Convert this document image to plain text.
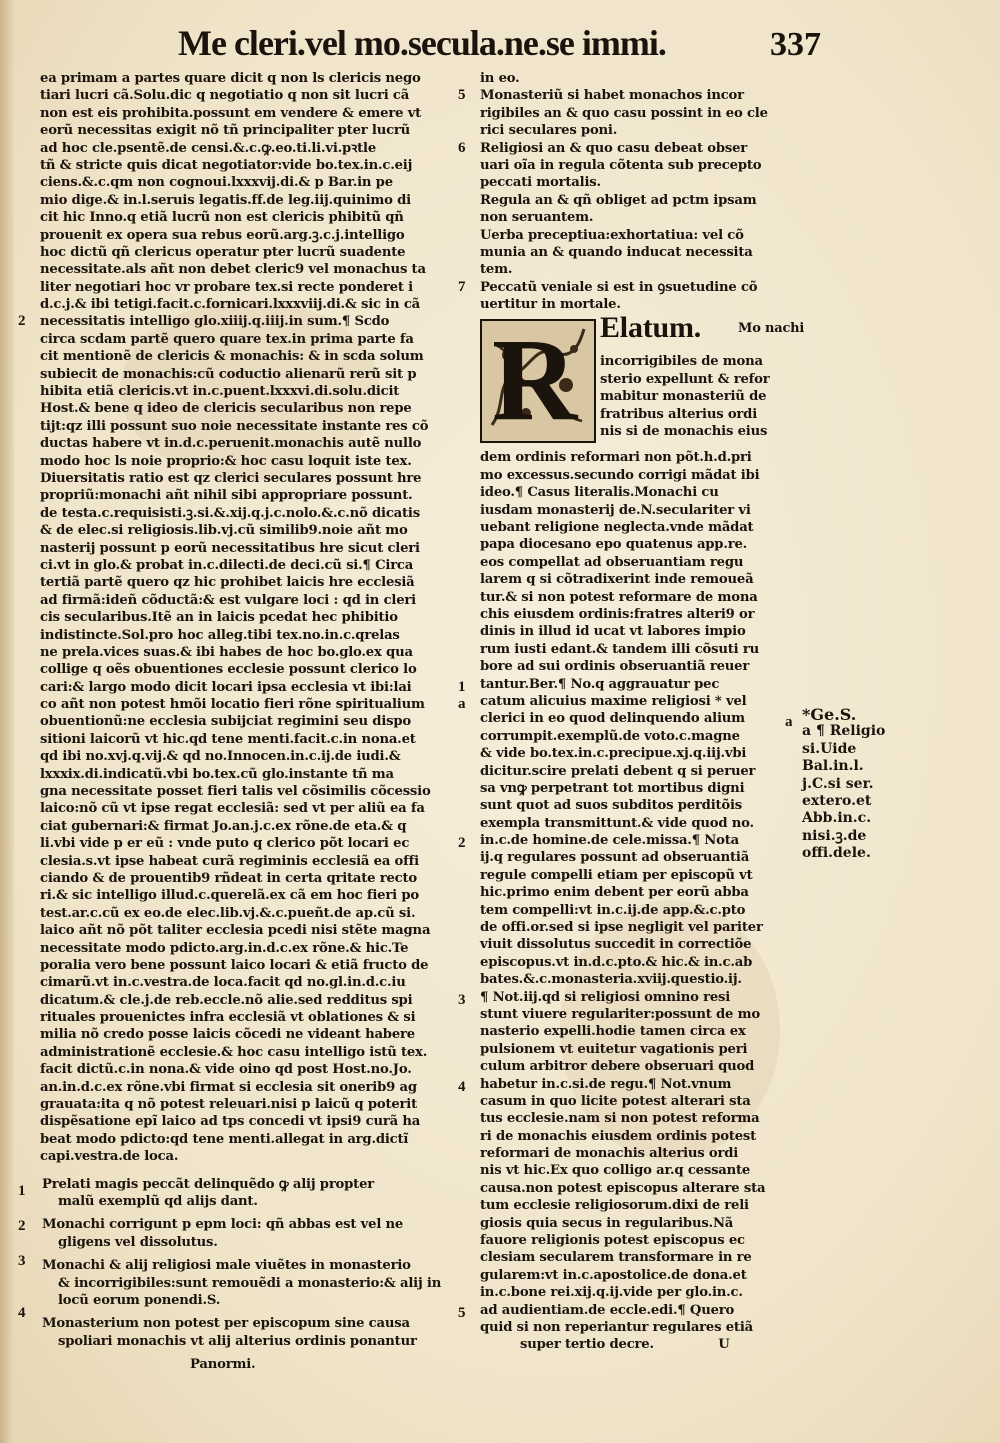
Me cleri.vel mo.secula.ne.se immi.	337
ea primam a partes quare dicit q non ls clericis nego
tiari lucri cã.Solu.dic q negotiatio q non sit lucri cã
non est eis prohibita.possunt em vendere & emere vt
eorũ necessitas exigit nõ tñ principaliter pter lucrũ
ad hoc cle.psentẽ.de censi.&.c.ꝙ.eo.ti.li.vi.pꝛtle
tñ & stricte quis dicat negotiator:vide bo.tex.in.c.eij
ciens.&.c.qm non cognoui.lxxxvij.di.& p Bar.in pe
mio dige.& in.l.seruis legatis.ff.de leg.iij.quinimo di
cit hic Inno.q etiã lucrũ non est clericis phibitũ qñ
prouenit ex opera sua rebus eorũ.arg.ꝫ.c.j.intelligo
hoc dictũ qñ clericus operatur pter lucrũ suadente
necessitate.als añt non debet cleric9 vel monachus ta
liter negotiari hoc vr probare tex.si recte ponderet i
d.c.j.& ibi tetigi.facit.c.fornicari.lxxxviij.di.& sic in cã
necessitatis intelligo glo.xiiij.q.iiij.in sum.¶ Scdo
circa scdam partẽ quero quare tex.in prima parte fa
cit mentionẽ de clericis & monachis: & in scda solum
subiecit de monachis:cũ coductio alienarũ rerũ sit p
hibita etiã clericis.vt in.c.puent.lxxxvi.di.solu.dicit
Host.& bene q ideo de clericis secularibus non repe
tijt:qz illi possunt suo noie necessitate instante res cõ
ductas habere vt in.d.c.peruenit.monachis autẽ nullo
modo hoc ls noie proprio:& hoc casu loquit iste tex.
Diuersitatis ratio est qz clerici seculares possunt hre
propriũ:monachi añt nihil sibi appropriare possunt.
de testa.c.requisisti.ꝫ.si.&.xij.q.j.c.nolo.&.c.nõ dicatis
& de elec.si religiosis.lib.vj.cũ similib9.noie añt mo
nasterij possunt p eorũ necessitatibus hre sicut cleri
ci.vt in glo.& probat in.c.dilecti.de deci.cũ si.¶ Circa
tertiã partẽ quero qz hic prohibet laicis hre ecclesiã
ad firmã:ideñ cõductã:& est vulgare loci : qd in cleri
cis secularibus.Itẽ an in laicis pcedat hec phibitio
indistincte.Sol.pro hoc alleg.tibi tex.no.in.c.qrelas
ne prela.vices suas.& ibi habes de hoc bo.glo.ex qua
collige q oẽs obuentiones ecclesie possunt clerico lo
cari:& largo modo dicit locari ipsa ecclesia vt ibi:lai
co añt non potest hmõi locatio fieri rõne spiritualium
obuentionũ:ne ecclesia subijciat regimini seu dispo
sitioni laicorũ vt hic.qd tene menti.facit.c.in nona.et
qd ibi no.xvj.q.vij.& qd no.Innocen.in.c.ij.de iudi.&
lxxxix.di.indicatũ.vbi bo.tex.cũ glo.instante tñ ma
gna necessitate posset fieri talis vel cõsimilis cõcessio
laico:nõ cũ vt ipse regat ecclesiã: sed vt per aliũ ea fa
ciat gubernari:& firmat Jo.an.j.c.ex rõne.de eta.& q
li.vbi vide p er eũ : vnde puto q clerico põt locari ec
clesia.s.vt ipse habeat curã regiminis ecclesiã ea offi
ciando & de prouentib9 rñdeat in certa qritate recto
ri.& sic intelligo illud.c.querelã.ex cã em hoc fieri po
test.ar.c.cũ ex eo.de elec.lib.vj.&.c.pueñt.de ap.cũ si.
laico añt nõ põt taliter ecclesia pcedi nisi stẽte magna
necessitate modo pdicto.arg.in.d.c.ex rõne.& hic.Te
poralia vero bene possunt laico locari & etiã fructo de
cimarũ.vt in.c.vestra.de loca.facit qd no.gl.in.d.c.iu
dicatum.& cle.j.de reb.eccle.nõ alie.sed redditus spi
rituales prouenictes infra ecclesiã vt oblationes & si
milia nõ credo posse laicis cõcedi ne videant habere
administrationẽ ecclesie.& hoc casu intelligo istũ tex.
facit dictũ.c.in nona.& vide oino qd post Host.no.Jo.
an.in.d.c.ex rõne.vbi firmat si ecclesia sit onerib9 ag
grauata:ita q nõ potest releuari.nisi p laicũ q poterit
dispẽsatione epĩ laico ad tps concedi vt ipsi9 curã ha
beat modo pdicto:qd tene menti.allegat in arg.dictĩ
capi.vestra.de loca.
Prelati magis peccãt delinquẽdo ꝙ alij propter
malũ exemplũ qd alijs dant.
Monachi corrigunt p epm loci: qñ abbas est vel ne
gligens vel dissolutus.
Monachi & alij religiosi male viuẽtes in monasterio
& incorrigibiles:sunt remouẽdi a monasterio:& alij in
locũ eorum ponendi.S.
Monasterium non potest per episcopum sine causa
spoliari monachis vt alij alterius ordinis ponantur
Panormi.
2
1
2
3
4
1
a
2
3
4
5
a
in eo.
Monasteriũ si habet monachos incor
rigibiles an & quo casu possint in eo cle
rici seculares poni.
Religiosi an & quo casu debeat obser
uari oĩa in regula cõtenta sub precepto
peccati mortalis.
Regula an & qñ obliget ad pctm ipsam
non seruantem.
Uerba preceptiua:exhortatiua: vel cõ
munia an & quando inducat necessita
tem.
Peccatũ veniale si est in ꝯsuetudine cõ
uertitur in mortale.
R Elatum.	Mo nachi
incorrigibiles de mona
sterio expellunt & refor
mabitur monasteriũ de
fratribus alterius ordi
nis si de monachis eius
dem ordinis reformari non põt.h.d.pri
mo excessus.secundo corrigi mãdat ibi
ideo.¶ Casus literalis.Monachi cu
iusdam monasterij de.N.seculariter vi
uebant religione neglecta.vnde mãdat
papa diocesano epo quatenus app.re.
eos compellat ad obseruantiam regu
larem q si cõtradixerint inde remoueã
tur.& si non potest reformare de mona
chis eiusdem ordinis:fratres alteri9 or
dinis in illud id ucat vt labores impio
rum iusti edant.& tandem illi cõsuti ru
bore ad sui ordinis obseruantiã reuer
tantur.Ber.¶ No.q aggrauatur pec
catum alicuius maxime religiosi * vel
clerici in eo quod delinquendo alium
corrumpit.exemplũ.de voto.c.magne
& vide bo.tex.in.c.precipue.xj.q.iij.vbi
dicitur.scire prelati debent q si peruer
sa vnꝙ perpetrant tot mortibus digni
sunt quot ad suos subditos perditõis
exempla transmittunt.& vide quod no.
in.c.de homine.de cele.missa.¶ Nota
ij.q regulares possunt ad obseruantiã
regule compelli etiam per episcopũ vt
hic.primo enim debent per eorũ abba
tem compelli:vt in.c.ij.de app.&.c.pto
de offi.or.sed si ipse negligit vel pariter
viuit dissolutus succedit in correctiõe
episcopus.vt in.d.c.pto.& hic.& in.c.ab
bates.&.c.monasteria.xviij.questio.ij.
¶ Not.iij.qd si religiosi omnino resi
stunt viuere regulariter:possunt de mo
nasterio expelli.hodie tamen circa ex
pulsionem vt euitetur vagationis peri
culum arbitror debere obseruari quod
habetur in.c.si.de regu.¶ Not.vnum
casum in quo licite potest alterari sta
tus ecclesie.nam si non potest reforma
ri de monachis eiusdem ordinis potest
reformari de monachis alterius ordi
nis vt hic.Ex quo colligo ar.q cessante
causa.non potest episcopus alterare sta
tum ecclesie religiosorum.dixi de reli
giosis quia secus in regularibus.Nã
fauore religionis potest episcopus ec
clesiam secularem transformare in re
gularem:vt in.c.apostolice.de dona.et
in.c.bone rei.xij.q.ij.vide per glo.in.c.
ad audientiam.de eccle.edi.¶ Quero
quid si non reperiantur regulares etiã
super tertio decre.	U
*Ge.S.
a ¶ Religio
si.Uide
Bal.in.l.
j.C.si ser.
extero.et
Abb.in.c.
nisi.ꝫ.de
offi.dele.
5
6
7
